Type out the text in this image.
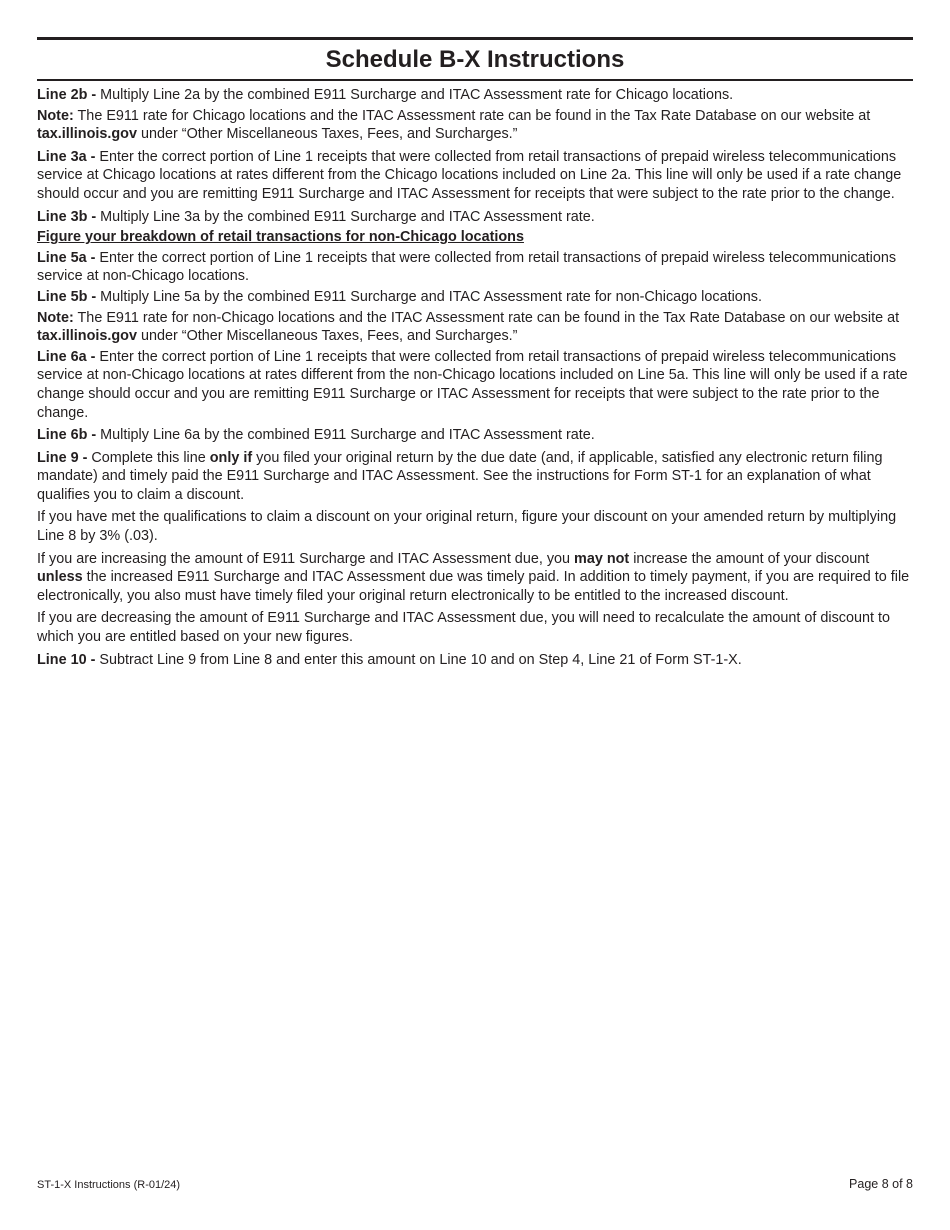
Schedule B-X Instructions

Line 2b - Multiply Line 2a by the combined E911 Surcharge and ITAC Assessment rate for Chicago locations.

Note: The E911 rate for Chicago locations and the ITAC Assessment rate can be found in the Tax Rate Database on our website at tax.illinois.gov under “Other Miscellaneous Taxes, Fees, and Surcharges.”

Line 3a - Enter the correct portion of Line 1 receipts that were collected from retail transactions of prepaid wireless telecommunications service at Chicago locations at rates different from the Chicago locations included on Line 2a. This line will only be used if a rate change should occur and you are remitting E911 Surcharge and ITAC Assessment for receipts that were subject to the rate prior to the change.

Line 3b - Multiply Line 3a by the combined E911 Surcharge and ITAC Assessment rate.

Figure your breakdown of retail transactions for non-Chicago locations

Line 5a - Enter the correct portion of Line 1 receipts that were collected from retail transactions of prepaid wireless telecommunications service at non-Chicago locations.

Line 5b - Multiply Line 5a by the combined E911 Surcharge and ITAC Assessment rate for non-Chicago locations.

Note: The E911 rate for non-Chicago locations and the ITAC Assessment rate can be found in the Tax Rate Database on our website at tax.illinois.gov under “Other Miscellaneous Taxes, Fees, and Surcharges.”

Line 6a - Enter the correct portion of Line 1 receipts that were collected from retail transactions of prepaid wireless telecommunications service at non-Chicago locations at rates different from the non-Chicago locations included on Line 5a. This line will only be used if a rate change should occur and you are remitting E911 Surcharge or ITAC Assessment for receipts that were subject to the rate prior to the change.

Line 6b - Multiply Line 6a by the combined E911 Surcharge and ITAC Assessment rate.

Line 9 - Complete this line only if you filed your original return by the due date (and, if applicable, satisfied any electronic return filing mandate) and timely paid the E911 Surcharge and ITAC Assessment. See the instructions for Form ST-1 for an explanation of what qualifies you to claim a discount.

If you have met the qualifications to claim a discount on your original return, figure your discount on your amended return by multiplying Line 8 by 3% (.03).

If you are increasing the amount of E911 Surcharge and ITAC Assessment due, you may not increase the amount of your discount unless the increased E911 Surcharge and ITAC Assessment due was timely paid. In addition to timely payment, if you are required to file electronically, you also must have timely filed your original return electronically to be entitled to the increased discount.

If you are decreasing the amount of E911 Surcharge and ITAC Assessment due, you will need to recalculate the amount of discount to which you are entitled based on your new figures.

Line 10 - Subtract Line 9 from Line 8 and enter this amount on Line 10 and on Step 4, Line 21 of Form ST-1-X.

ST-1-X Instructions (R-01/24)	Page 8 of 8
